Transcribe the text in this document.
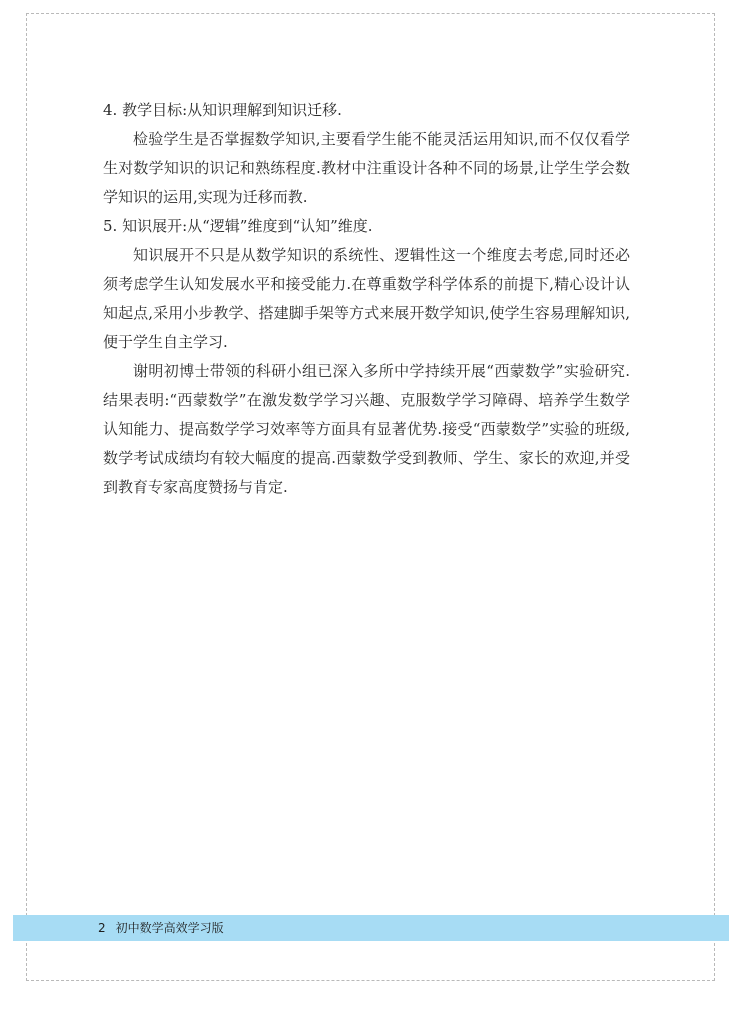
4. 教学目标:从知识理解到知识迁移.

检验学生是否掌握数学知识,主要看学生能不能灵活运用知识,而不仅仅看学生对数学知识的识记和熟练程度.教材中注重设计各种不同的场景,让学生学会数学知识的运用,实现为迁移而教.

5. 知识展开:从“逻辑”维度到“认知”维度.

知识展开不只是从数学知识的系统性、逻辑性这一个维度去考虑,同时还必须考虑学生认知发展水平和接受能力.在尊重数学科学体系的前提下,精心设计认知起点,采用小步教学、搭建脚手架等方式来展开数学知识,使学生容易理解知识,便于学生自主学习.

谢明初博士带领的科研小组已深入多所中学持续开展“西蒙数学”实验研究.结果表明:“西蒙数学”在激发数学学习兴趣、克服数学学习障碍、培养学生数学认知能力、提高数学学习效率等方面具有显著优势.接受“西蒙数学”实验的班级,数学考试成绩均有较大幅度的提高.西蒙数学受到教师、学生、家长的欢迎,并受到教育专家高度赞扬与肯定.

2 初中数学高效学习版
